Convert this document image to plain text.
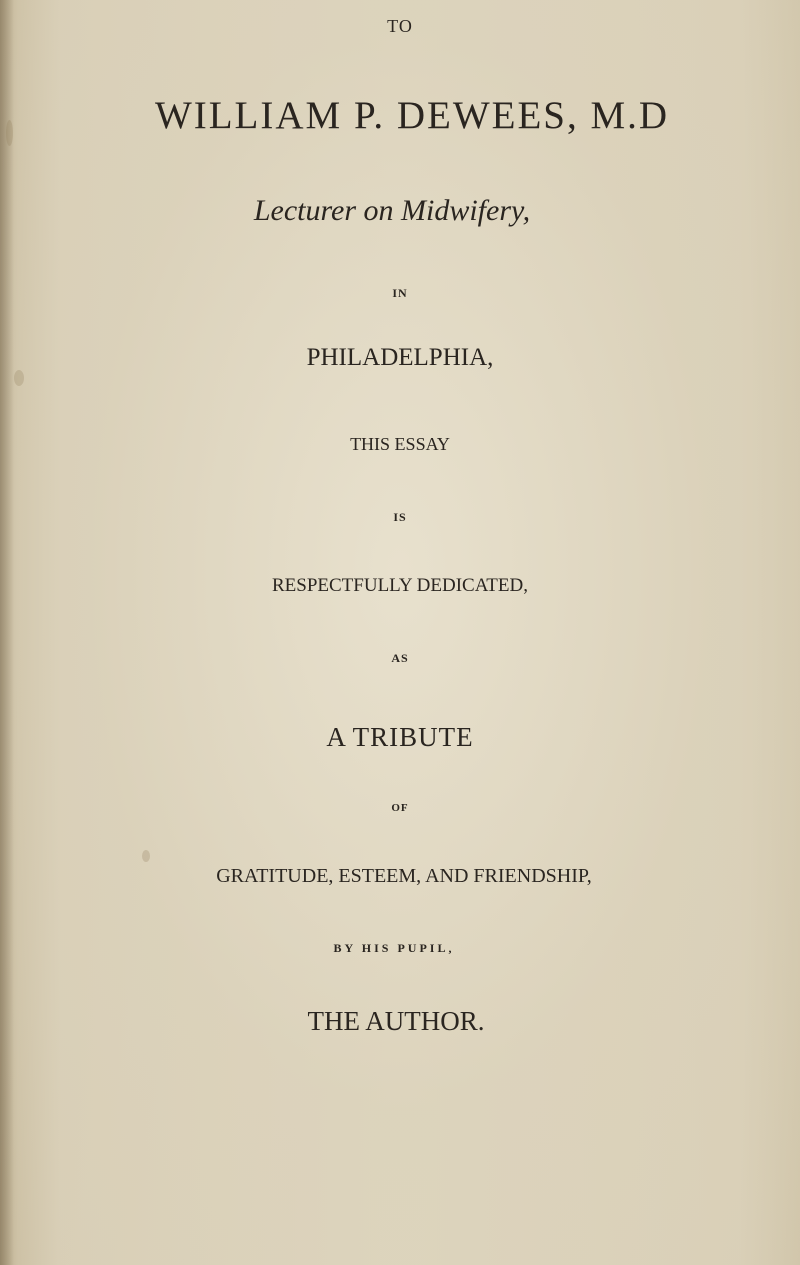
TO
WILLIAM P. DEWEES, M.D
Lecturer on Midwifery,
IN
PHILADELPHIA,
THIS ESSAY
IS
RESPECTFULLY DEDICATED,
AS
A TRIBUTE
OF
GRATITUDE, ESTEEM, AND FRIENDSHIP,
BY HIS PUPIL,
THE AUTHOR.
